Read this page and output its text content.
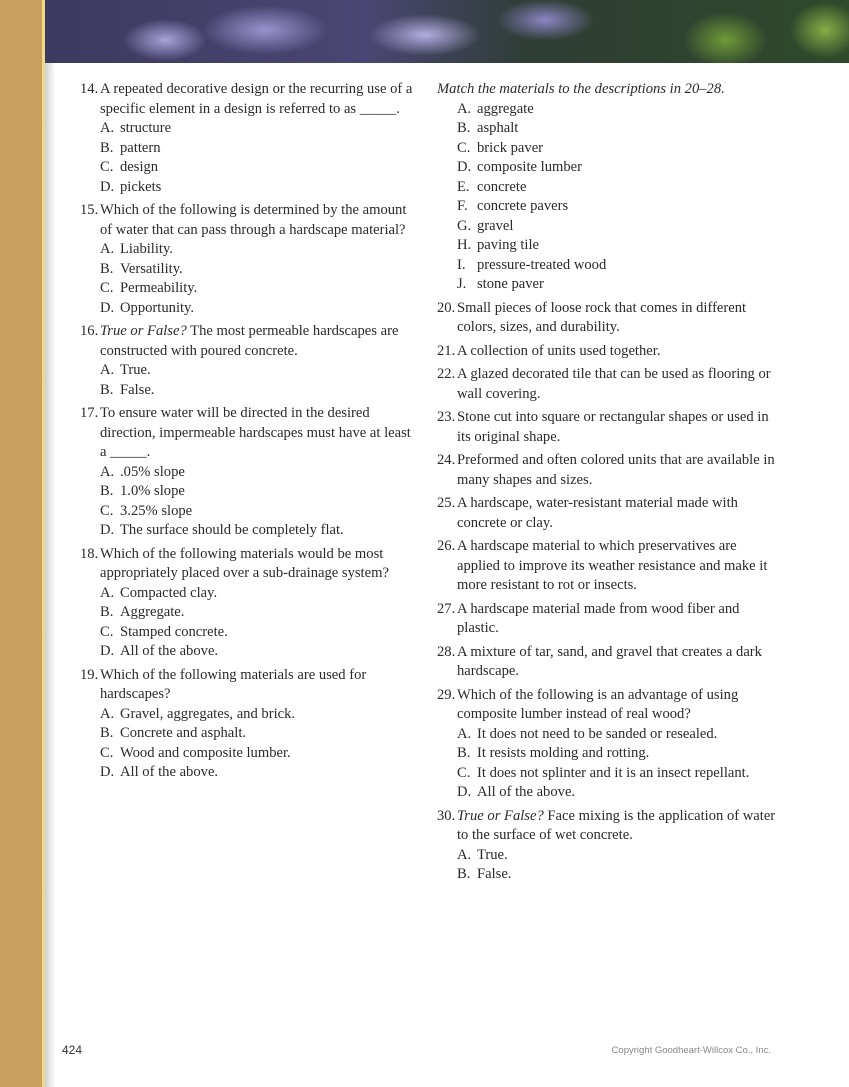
14. A repeated decorative design or the recurring use of a specific element in a design is referred to as _____.
A. structure
B. pattern
C. design
D. pickets
15. Which of the following is determined by the amount of water that can pass through a hardscape material?
A. Liability.
B. Versatility.
C. Permeability.
D. Opportunity.
16. True or False? The most permeable hardscapes are constructed with poured concrete.
A. True.
B. False.
17. To ensure water will be directed in the desired direction, impermeable hardscapes must have at least a _____.
A. .05% slope
B. 1.0% slope
C. 3.25% slope
D. The surface should be completely flat.
18. Which of the following materials would be most appropriately placed over a sub-drainage system?
A. Compacted clay.
B. Aggregate.
C. Stamped concrete.
D. All of the above.
19. Which of the following materials are used for hardscapes?
A. Gravel, aggregates, and brick.
B. Concrete and asphalt.
C. Wood and composite lumber.
D. All of the above.
Match the materials to the descriptions in 20–28.
A. aggregate
B. asphalt
C. brick paver
D. composite lumber
E. concrete
F. concrete pavers
G. gravel
H. paving tile
I. pressure-treated wood
J. stone paver
20. Small pieces of loose rock that comes in different colors, sizes, and durability.
21. A collection of units used together.
22. A glazed decorated tile that can be used as flooring or wall covering.
23. Stone cut into square or rectangular shapes or used in its original shape.
24. Preformed and often colored units that are available in many shapes and sizes.
25. A hardscape, water-resistant material made with concrete or clay.
26. A hardscape material to which preservatives are applied to improve its weather resistance and make it more resistant to rot or insects.
27. A hardscape material made from wood fiber and plastic.
28. A mixture of tar, sand, and gravel that creates a dark hardscape.
29. Which of the following is an advantage of using composite lumber instead of real wood?
A. It does not need to be sanded or resealed.
B. It resists molding and rotting.
C. It does not splinter and it is an insect repellant.
D. All of the above.
30. True or False? Face mixing is the application of water to the surface of wet concrete.
A. True.
B. False.
424	Copyright Goodheart-Willcox Co., Inc.
